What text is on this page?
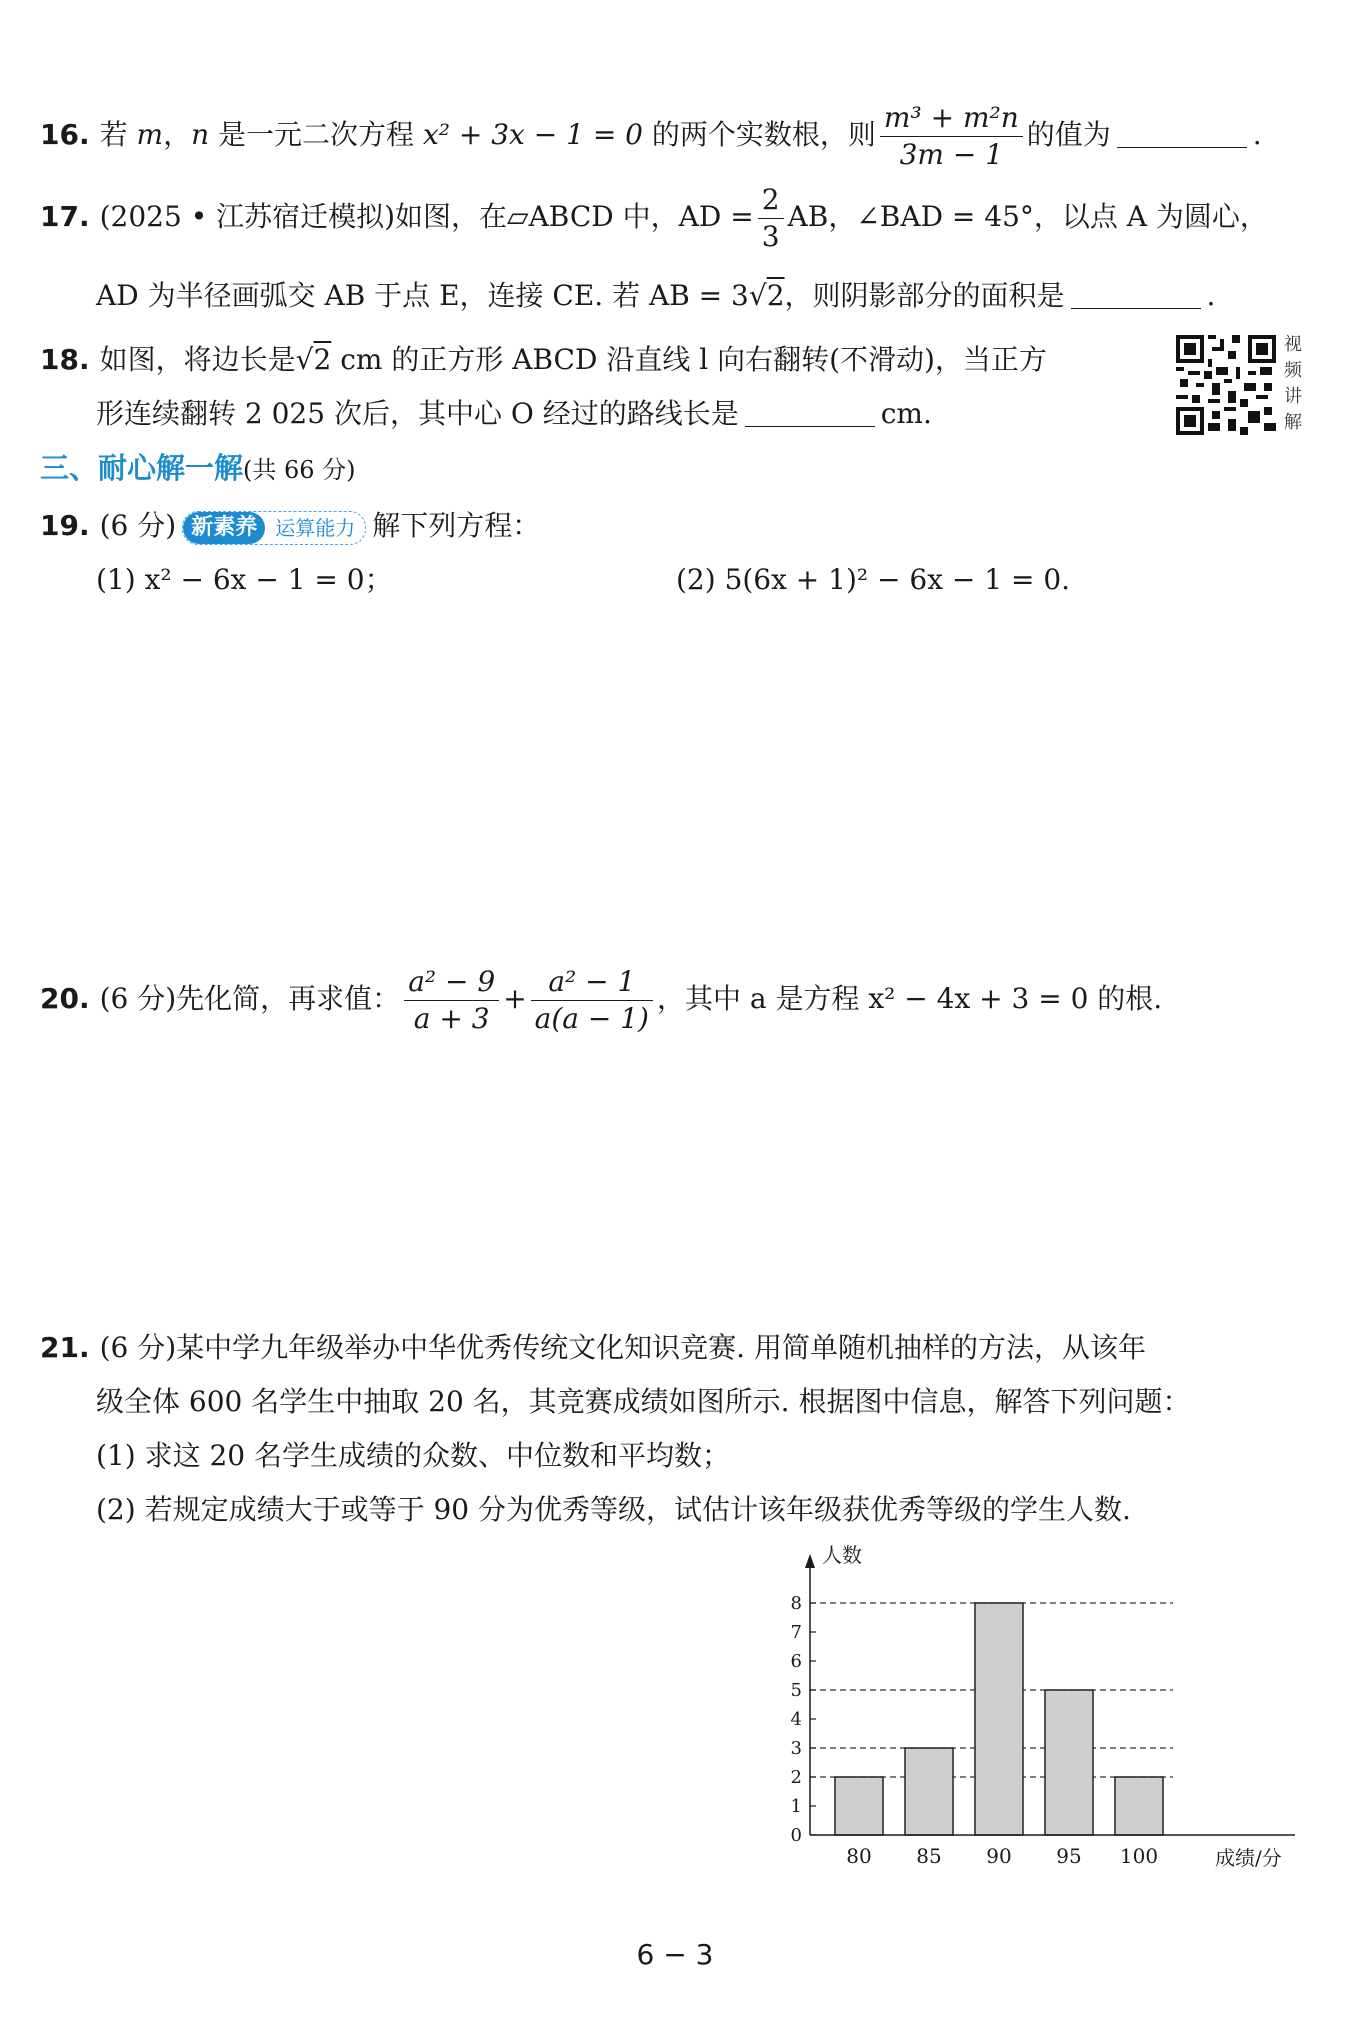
16. 若 m，n 是一元二次方程 x² + 3x − 1 = 0 的两个实数根，则 $\frac{\text{m³ + m²n}}{3m - 1}$ 的值为	.
17. (2025 • 江苏宿迁模拟)如图，在▱ABCD 中，AD = $\frac{2}{3}$ AB，∠BAD = 45°，以点 A 为圆心，
AD 为半径画弧交 AB 于点 E，连接 CE. 若 AB = 3√2，则阴影部分的面积是	.
18. 如图，将边长是√2 cm 的正方形 ABCD 沿直线 l 向右翻转(不滑动)，当正方
形连续翻转 2 025 次后，其中心 O 经过的路线长是	cm.
视频讲解
三、耐心解一解(共 66 分)
19. (6 分) 新素养 运算能力 解下列方程：
(1) x² − 6x − 1 = 0；	(2) 5(6x + 1)² − 6x − 1 = 0.
20. (6 分)先化简，再求值： $\frac{\text{a² − 9}}{a + 3} + \frac{\text{a² − 1}}{a(a - 1)}$ ，其中 a 是方程 x² − 4x + 3 = 0 的根.
21. (6 分)某中学九年级举办中华优秀传统文化知识竞赛. 用简单随机抽样的方法，从该年
级全体 600 名学生中抽取 20 名，其竞赛成绩如图所示. 根据图中信息，解答下列问题：
(1) 求这 20 名学生成绩的众数、中位数和平均数；
(2) 若规定成绩大于或等于 90 分为优秀等级，试估计该年级获优秀等级的学生人数.
80 85 90 95 100
0
1
2
3
4
5
6
7
8
人数
成绩/分
6 − 3
